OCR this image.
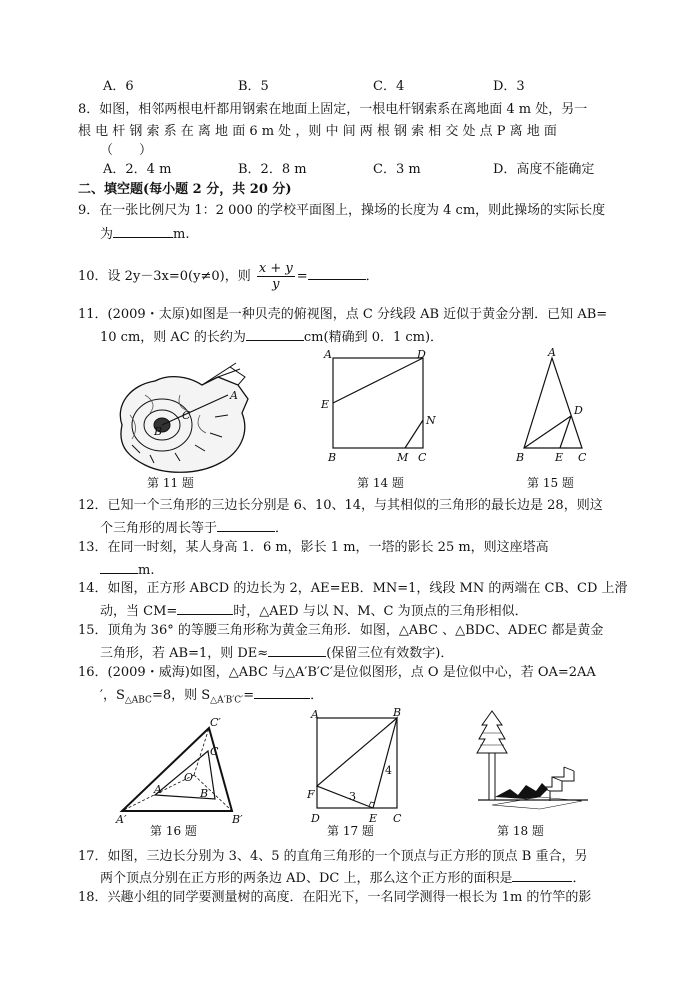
A．6	B．5	C．4	D．3
8．如图，相邻两根电杆都用钢索在地面上固定，一根电杆钢索系在离地面 4 m 处，另一
根 电 杆 钢 索 系 在 离 地 面 6 m 处 ，则 中 间 两 根 钢 索 相 交 处 点 P 离 地 面
（　　）
A．2．4 m	B．2．8 m	C．3 m	D．高度不能确定
二、填空题(每小题 2 分，共 20 分)
9．在一张比例尺为 1：2 000 的学校平面图上，操场的长度为 4 cm，则此操场的实际长度
为	m.
10．设 2y－3x=0(y≠0)，则 $\frac{x + y}{y}$ =	．
11．(2009・太原)如图是一种贝壳的俯视图，点 C 分线段 AB 近似于黄金分割．已知 AB=
10 cm，则 AC 的长约为	cm(精确到 0．1 cm)．
A
B
C
第 11 题
A	D
E
N
B	M C
第 14 题
A
D
B	E C
第 15 题
12．已知一个三角形的三边长分别是 6、10、14，与其相似的三角形的最长边是 28，则这
个三角形的周长等于	．
13．在同一时刻，某人身高 1．6 m，影长 1 m，一塔的影长 25 m，则这座塔高
m.
14．如图，正方形 ABCD 的边长为 2，AE=EB．MN=1，线段 MN 的两端在 CB、CD 上滑
动，当 CM=	时，△AED 与以 N、M、C 为顶点的三角形相似．
15．顶角为 36° 的等腰三角形称为黄金三角形．如图，△ABC 、△BDC、ADEC 都是黄金
三角形，若 AB=1，则 DE≈	(保留三位有效数字)．
16．(2009・威海)如图，△ABC 与△A′B′C′是位似图形，点 O 是位似中心，若 OA=2AA
′，$S_{\triangle ABC}=8$，则 $S_{\triangle A'B'C'}=$	．
C′
C
O
A	B
A′	B′
第 16 题
A	B
F
D	E C
3
4
第 17 题	第 18 题
17．如图，三边长分别为 3、4、5 的直角三角形的一个顶点与正方形的顶点 B 重合，另
两个顶点分别在正方形的两条边 AD、DC 上，那么这个正方形的面积是	．
18．兴趣小组的同学要测量树的高度．在阳光下，一名同学测得一根长为 1m 的竹竿的影
